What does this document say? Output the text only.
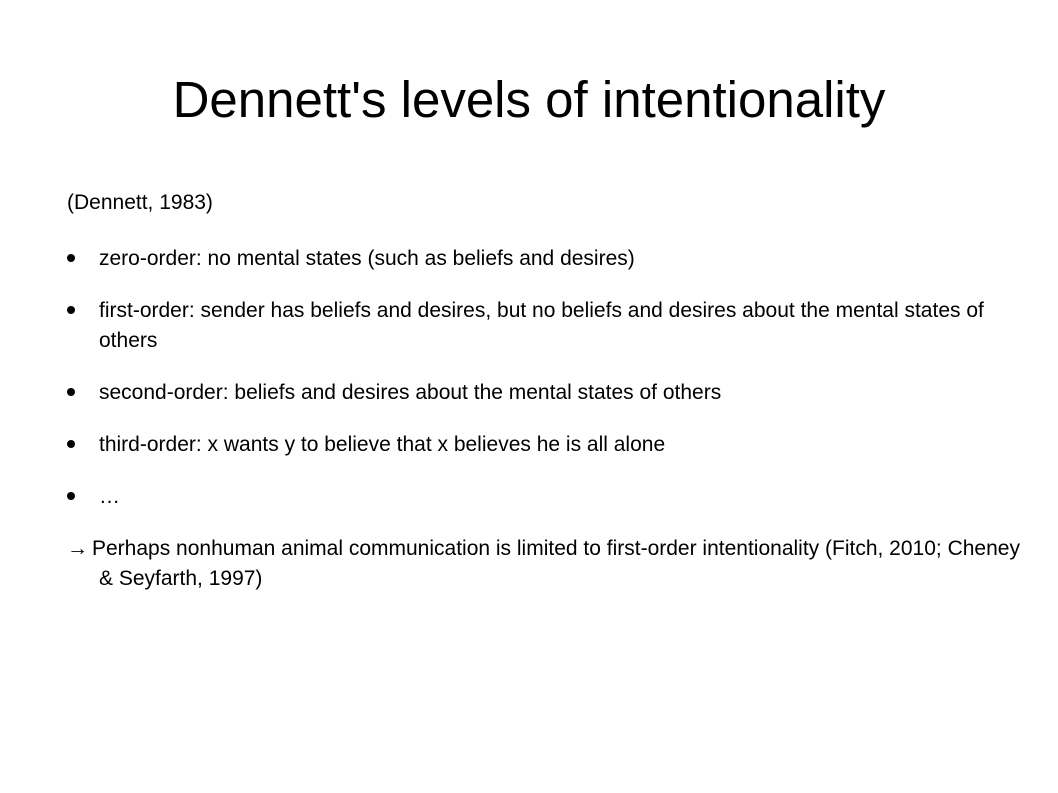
Dennett's levels of intentionality

(Dennett, 1983)

zero-order: no mental states (such as beliefs and desires)
first-order: sender has beliefs and desires, but no beliefs and desires about the mental states of others
second-order: beliefs and desires about the mental states of others
third-order: x wants y to believe that x believes he is all alone
…

→ Perhaps nonhuman animal communication is limited to first-order intentionality (Fitch, 2010; Cheney & Seyfarth, 1997)
